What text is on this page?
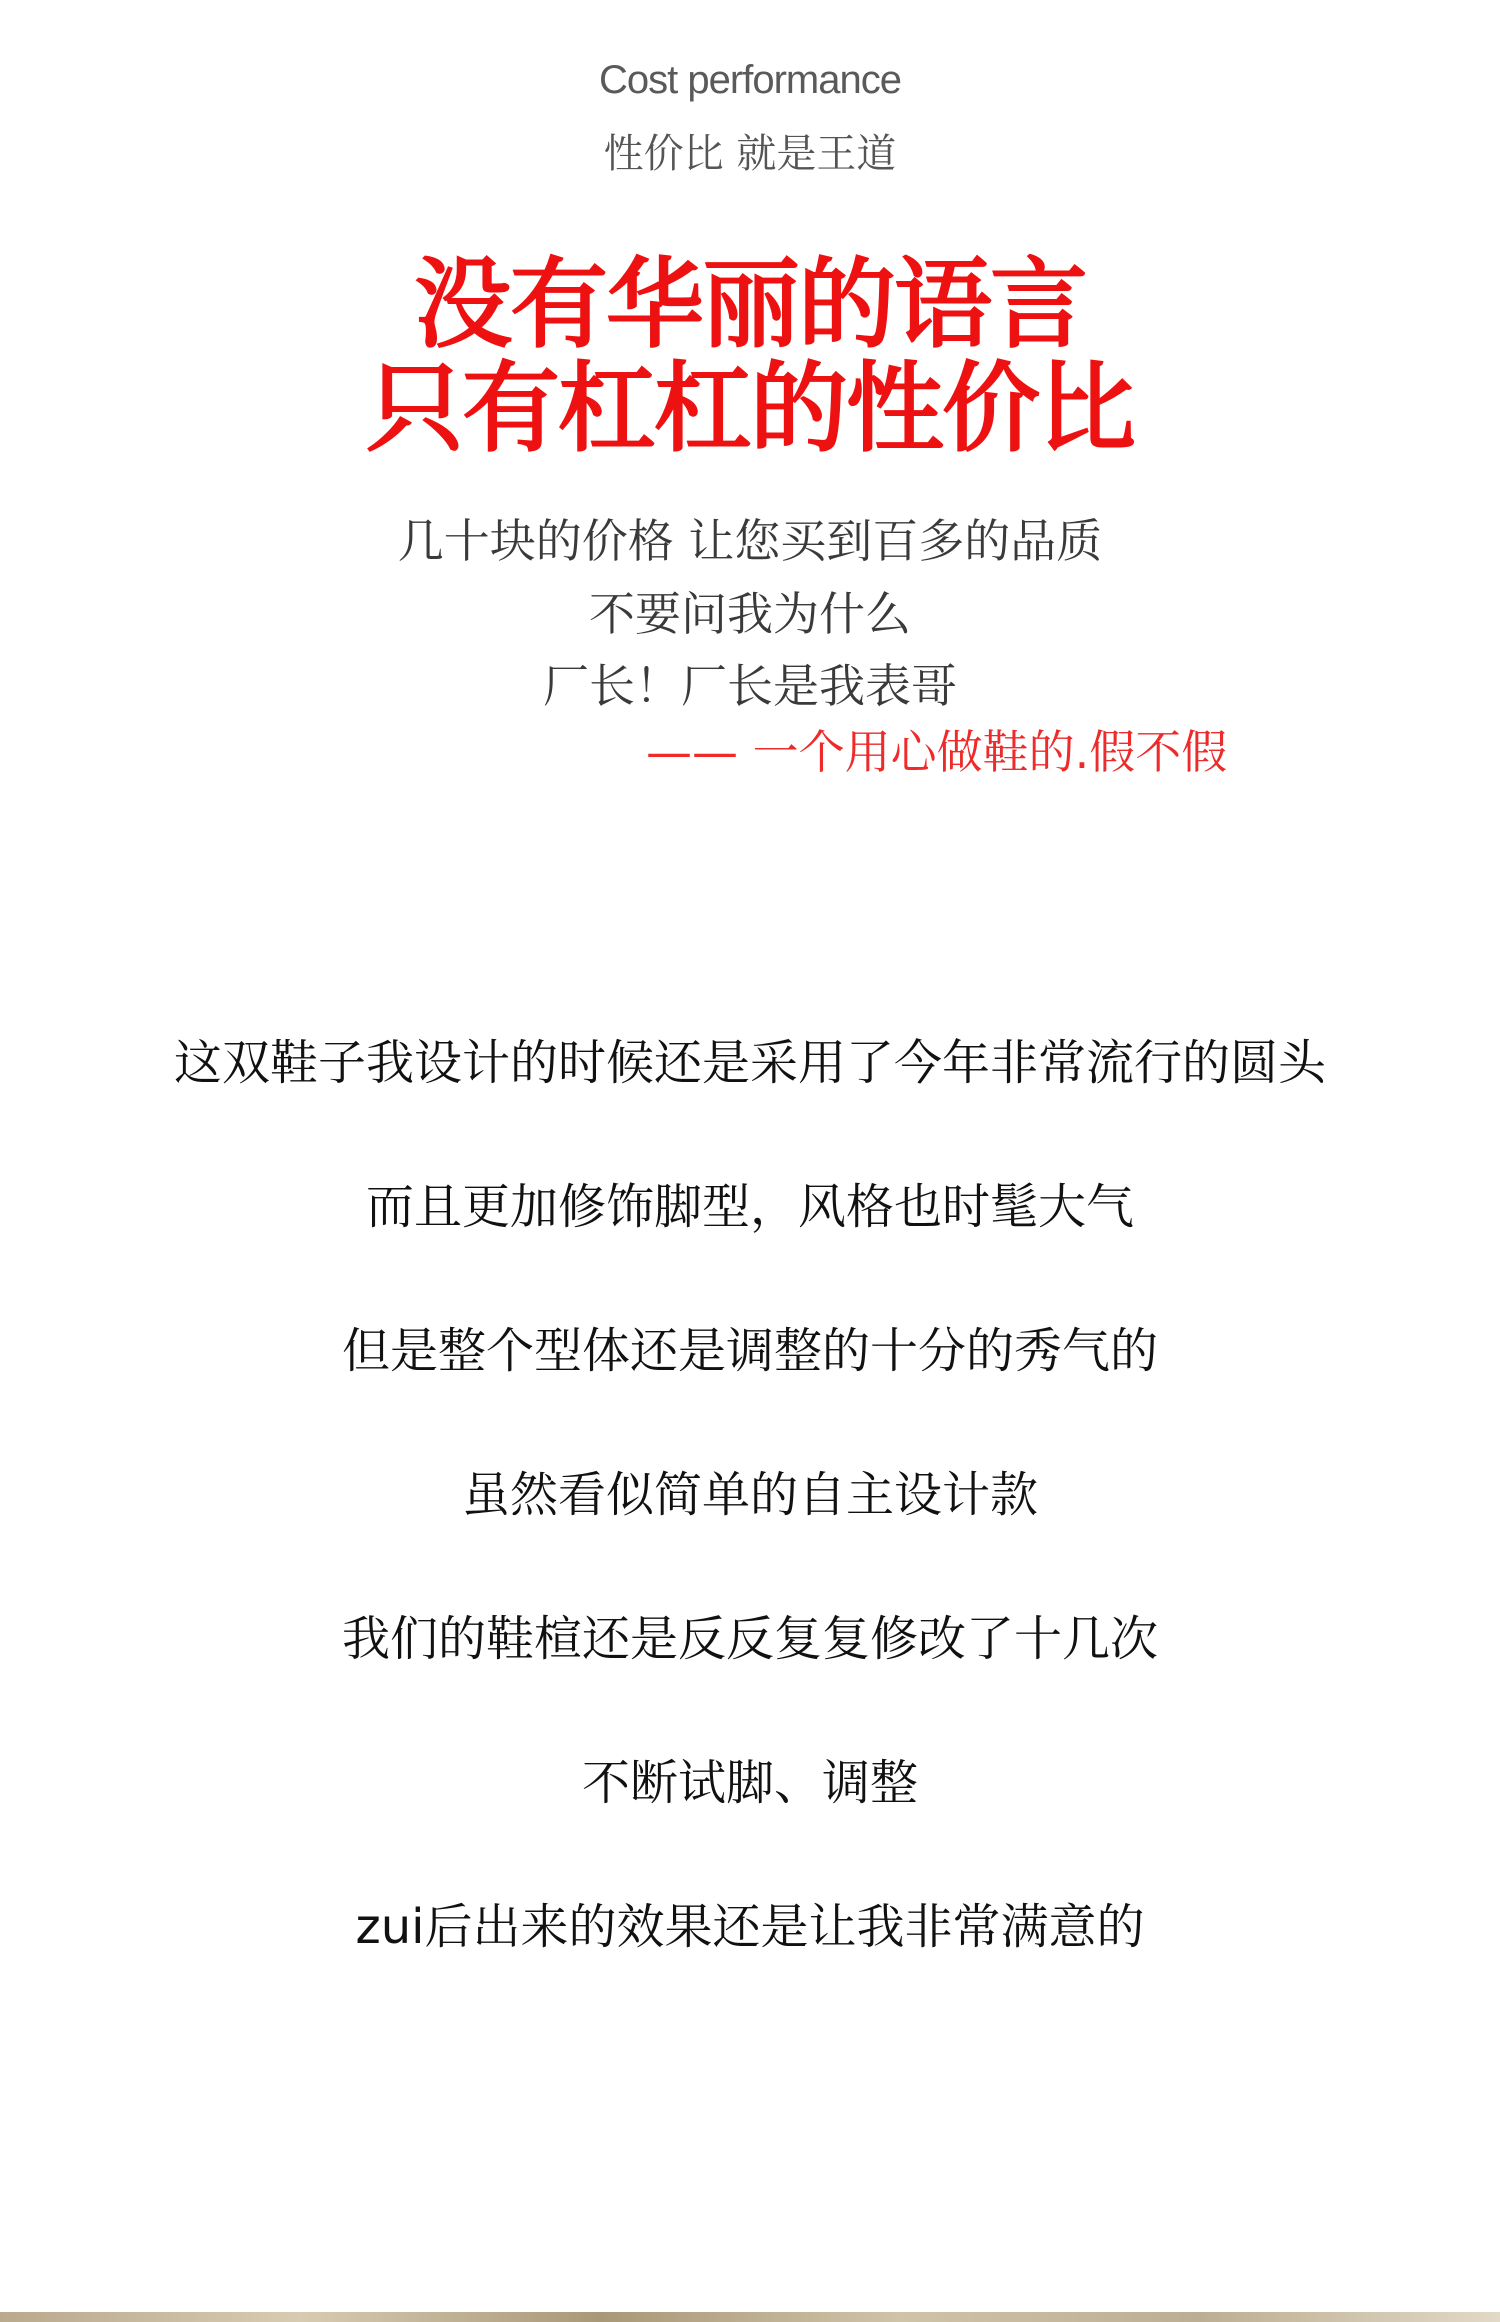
Cost performance
性价比 就是王道
没有华丽的语言
只有杠杠的性价比
几十块的价格 让您买到百多的品质
不要问我为什么
厂长！厂长是我表哥
—— 一个用心做鞋的.假不假
这双鞋子我设计的时候还是采用了今年非常流行的圆头
而且更加修饰脚型，风格也时髦大气
但是整个型体还是调整的十分的秀气的
虽然看似简单的自主设计款
我们的鞋楦还是反反复复修改了十几次
不断试脚、调整
zui后出来的效果还是让我非常满意的
